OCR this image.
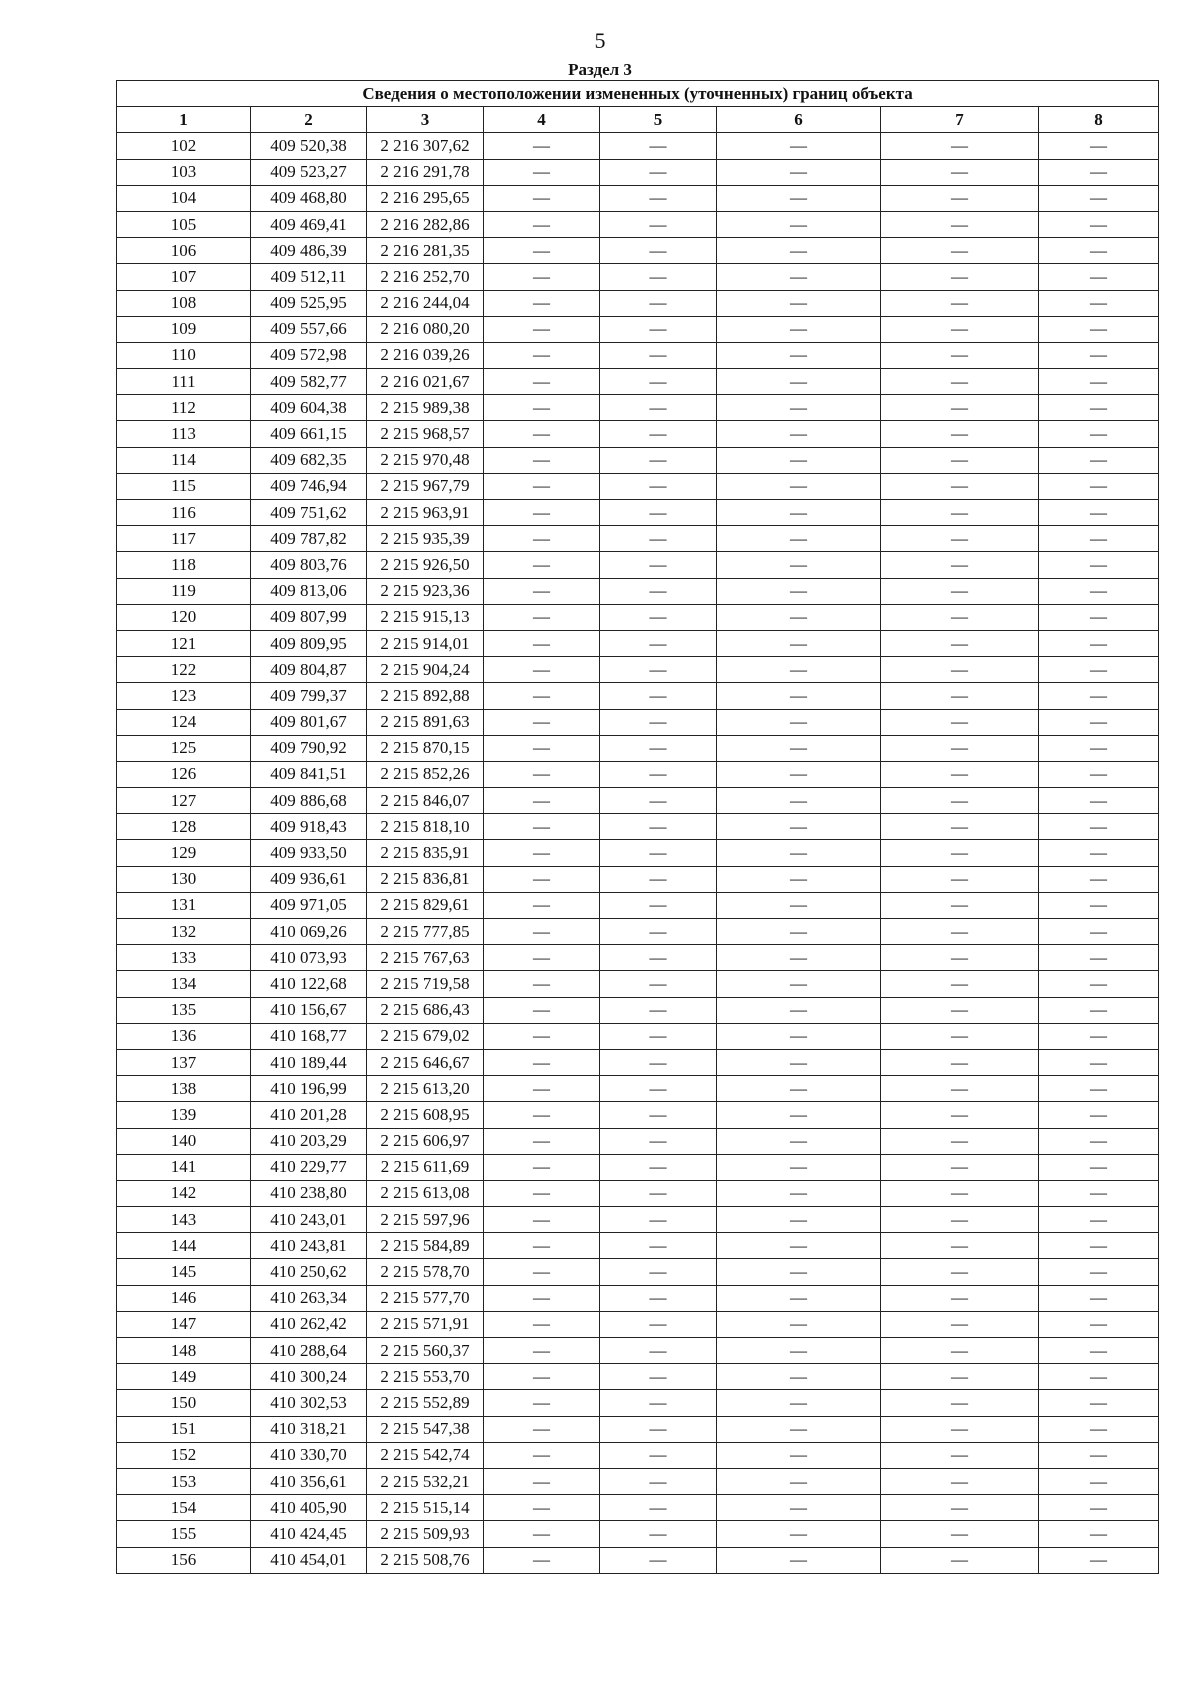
5
Раздел 3
Сведения о местоположении измененных (уточненных) границ объекта							
1	2	3	4	5	6	7	8
102	409 520,38	2 216 307,62	—	—	—	—	—
103	409 523,27	2 216 291,78	—	—	—	—	—
104	409 468,80	2 216 295,65	—	—	—	—	—
105	409 469,41	2 216 282,86	—	—	—	—	—
106	409 486,39	2 216 281,35	—	—	—	—	—
107	409 512,11	2 216 252,70	—	—	—	—	—
108	409 525,95	2 216 244,04	—	—	—	—	—
109	409 557,66	2 216 080,20	—	—	—	—	—
110	409 572,98	2 216 039,26	—	—	—	—	—
111	409 582,77	2 216 021,67	—	—	—	—	—
112	409 604,38	2 215 989,38	—	—	—	—	—
113	409 661,15	2 215 968,57	—	—	—	—	—
114	409 682,35	2 215 970,48	—	—	—	—	—
115	409 746,94	2 215 967,79	—	—	—	—	—
116	409 751,62	2 215 963,91	—	—	—	—	—
117	409 787,82	2 215 935,39	—	—	—	—	—
118	409 803,76	2 215 926,50	—	—	—	—	—
119	409 813,06	2 215 923,36	—	—	—	—	—
120	409 807,99	2 215 915,13	—	—	—	—	—
121	409 809,95	2 215 914,01	—	—	—	—	—
122	409 804,87	2 215 904,24	—	—	—	—	—
123	409 799,37	2 215 892,88	—	—	—	—	—
124	409 801,67	2 215 891,63	—	—	—	—	—
125	409 790,92	2 215 870,15	—	—	—	—	—
126	409 841,51	2 215 852,26	—	—	—	—	—
127	409 886,68	2 215 846,07	—	—	—	—	—
128	409 918,43	2 215 818,10	—	—	—	—	—
129	409 933,50	2 215 835,91	—	—	—	—	—
130	409 936,61	2 215 836,81	—	—	—	—	—
131	409 971,05	2 215 829,61	—	—	—	—	—
132	410 069,26	2 215 777,85	—	—	—	—	—
133	410 073,93	2 215 767,63	—	—	—	—	—
134	410 122,68	2 215 719,58	—	—	—	—	—
135	410 156,67	2 215 686,43	—	—	—	—	—
136	410 168,77	2 215 679,02	—	—	—	—	—
137	410 189,44	2 215 646,67	—	—	—	—	—
138	410 196,99	2 215 613,20	—	—	—	—	—
139	410 201,28	2 215 608,95	—	—	—	—	—
140	410 203,29	2 215 606,97	—	—	—	—	—
141	410 229,77	2 215 611,69	—	—	—	—	—
142	410 238,80	2 215 613,08	—	—	—	—	—
143	410 243,01	2 215 597,96	—	—	—	—	—
144	410 243,81	2 215 584,89	—	—	—	—	—
145	410 250,62	2 215 578,70	—	—	—	—	—
146	410 263,34	2 215 577,70	—	—	—	—	—
147	410 262,42	2 215 571,91	—	—	—	—	—
148	410 288,64	2 215 560,37	—	—	—	—	—
149	410 300,24	2 215 553,70	—	—	—	—	—
150	410 302,53	2 215 552,89	—	—	—	—	—
151	410 318,21	2 215 547,38	—	—	—	—	—
152	410 330,70	2 215 542,74	—	—	—	—	—
153	410 356,61	2 215 532,21	—	—	—	—	—
154	410 405,90	2 215 515,14	—	—	—	—	—
155	410 424,45	2 215 509,93	—	—	—	—	—
156	410 454,01	2 215 508,76	—	—	—	—	—
